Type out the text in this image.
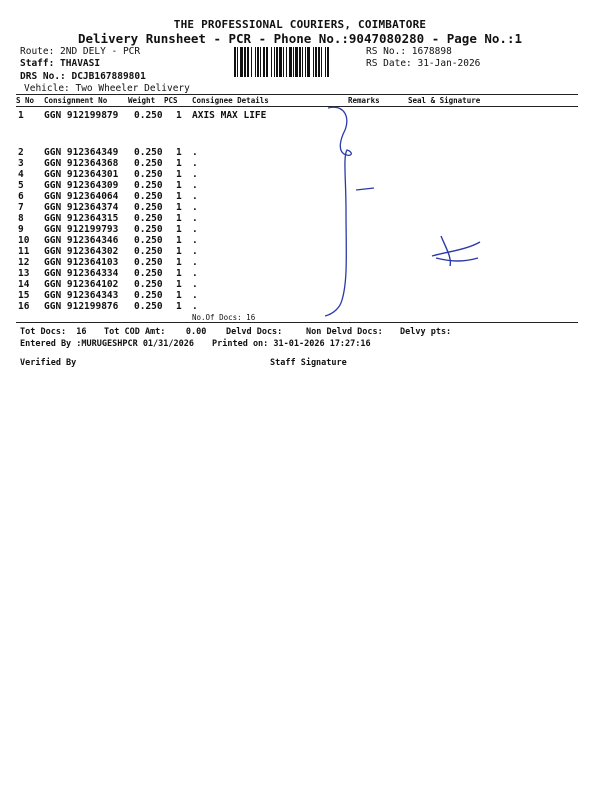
THE PROFESSIONAL COURIERS, COIMBATORE
Delivery Runsheet - PCR - Phone No.:9047080280 - Page No.:1
Route: 2ND DELY - PCR
Staff: THAVASI
DRS No.: DCJB167889801
Vehicle: Two Wheeler Delivery
RS No.: 1678898
RS Date: 31-Jan-2026
S No Consignment No	Weight PCS Consignee Details	Remarks	Seal & Signature
1 GGN 912199879 0.250 1 AXIS MAX LIFE
2 GGN 912364349 0.250 1 .
3 GGN 912364368 0.250 1 .
4 GGN 912364301 0.250 1 .
5 GGN 912364309 0.250 1 .
6 GGN 912364064 0.250 1 .
7 GGN 912364374 0.250 1 .
8 GGN 912364315 0.250 1 .
9 GGN 912199793 0.250 1 .
10 GGN 912364346 0.250 1 .
11 GGN 912364302 0.250 1 .
12 GGN 912364103 0.250 1 .
13 GGN 912364334 0.250 1 .
14 GGN 912364102 0.250 1 .
15 GGN 912364343 0.250 1 .
16 GGN 912199876 0.250 1 .
No.Of Docs: 16
Tot Docs:  16 Tot COD Amt:    0.00 Delvd Docs:	Non Delvd Docs: Delvy pts:
Entered By :MURUGESHPCR 01/31/2026 Printed on: 31-01-2026 17:27:16
Verified By	Staff Signature
